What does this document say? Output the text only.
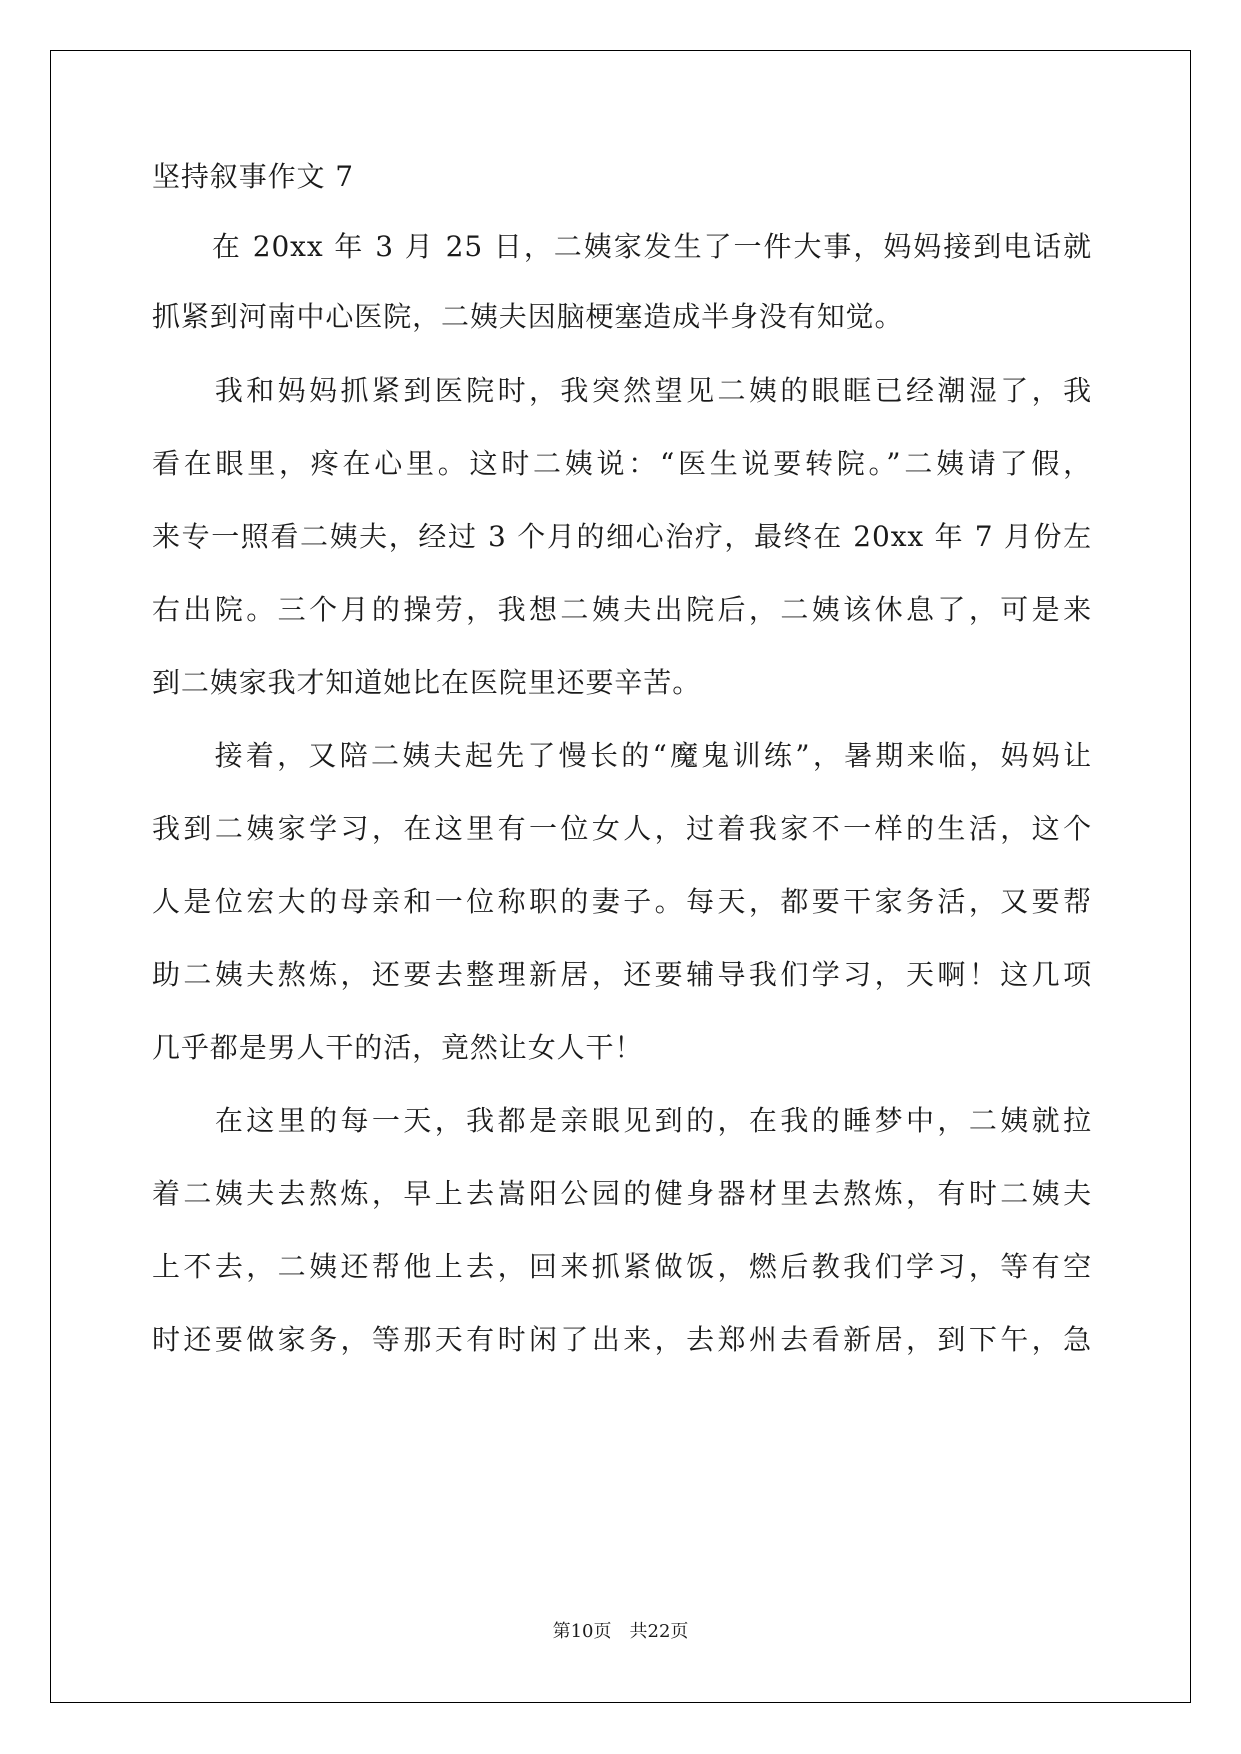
坚持叙事作文 7
　　在 20xx 年 3 月 25 日，二姨家发生了一件大事，妈妈接到电话就
抓紧到河南中心医院，二姨夫因脑梗塞造成半身没有知觉。
　　我和妈妈抓紧到医院时，我突然望见二姨的眼眶已经潮湿了，我
看在眼里，疼在心里。这时二姨说：“医生说要转院。”二姨请了假，
来专一照看二姨夫，经过 3 个月的细心治疗，最终在 20xx 年 7 月份左
右出院。三个月的操劳，我想二姨夫出院后，二姨该休息了，可是来
到二姨家我才知道她比在医院里还要辛苦。
　　接着，又陪二姨夫起先了慢长的“魔鬼训练”，暑期来临，妈妈让
我到二姨家学习，在这里有一位女人，过着我家不一样的生活，这个
人是位宏大的母亲和一位称职的妻子。每天，都要干家务活，又要帮
助二姨夫熬炼，还要去整理新居，还要辅导我们学习，天啊！这几项
几乎都是男人干的活，竟然让女人干！
　　在这里的每一天，我都是亲眼见到的，在我的睡梦中，二姨就拉
着二姨夫去熬炼，早上去嵩阳公园的健身器材里去熬炼，有时二姨夫
上不去，二姨还帮他上去，回来抓紧做饭，燃后教我们学习，等有空
时还要做家务，等那天有时闲了出来，去郑州去看新居，到下午，急
第10页　共22页
